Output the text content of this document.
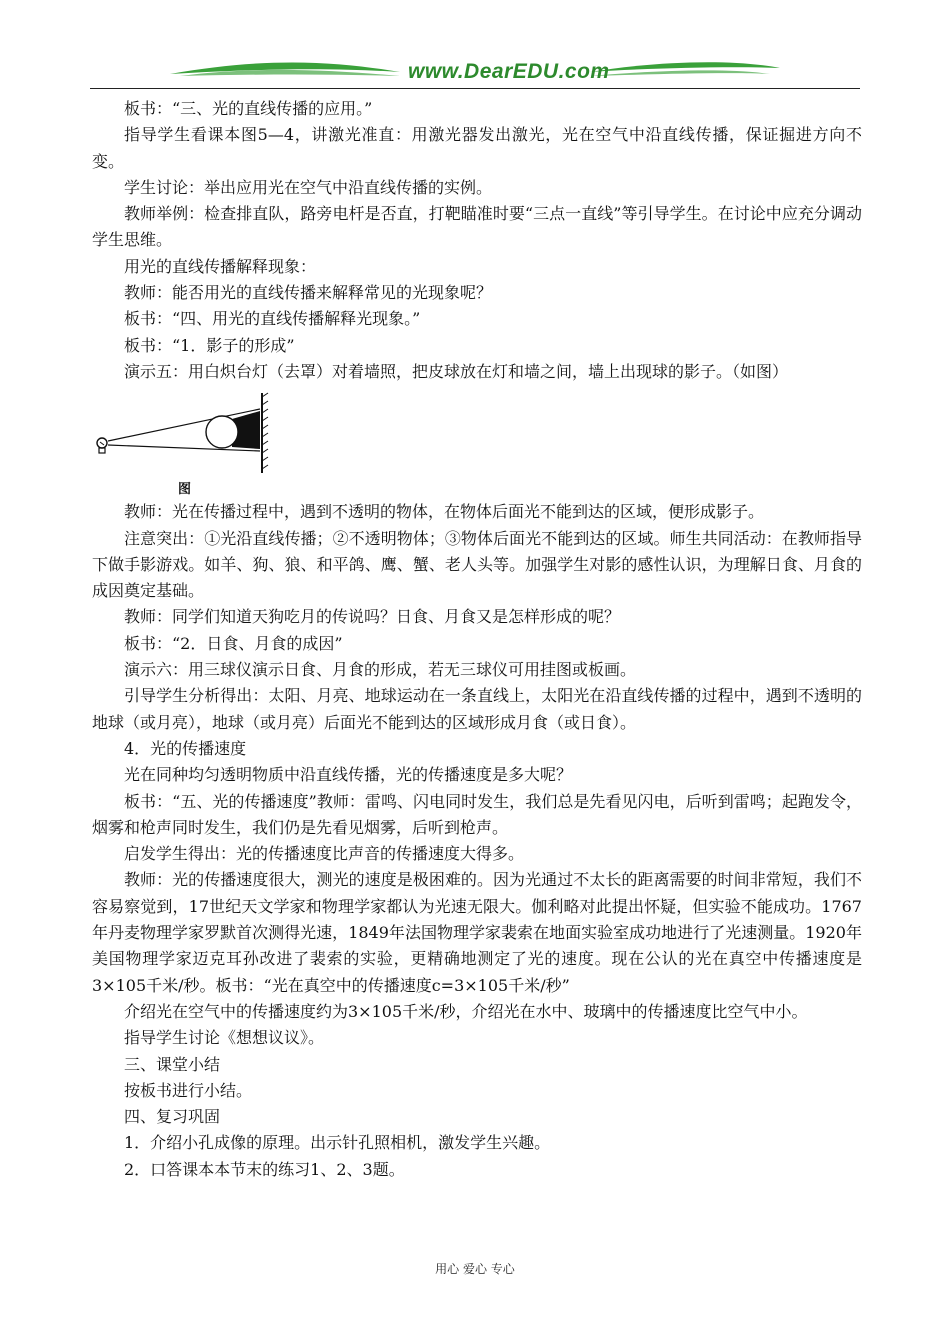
www.DearEDU.com

板书：“三、光的直线传播的应用。”

指导学生看课本图5—4，讲激光准直：用激光器发出激光，光在空气中沿直线传播，保证掘进方向不变。

学生讨论：举出应用光在空气中沿直线传播的实例。

教师举例：检查排直队，路旁电杆是否直，打靶瞄准时要“三点一直线”等引导学生。在讨论中应充分调动学生思维。

用光的直线传播解释现象：

教师：能否用光的直线传播来解释常见的光现象呢？

板书：“四、用光的直线传播解释光现象。”

板书：“1．影子的形成”

演示五：用白炽台灯（去罩）对着墙照，把皮球放在灯和墙之间，墙上出现球的影子。（如图）

图

教师：光在传播过程中，遇到不透明的物体，在物体后面光不能到达的区域，便形成影子。

注意突出：①光沿直线传播；②不透明物体；③物体后面光不能到达的区域。师生共同活动：在教师指导下做手影游戏。如羊、狗、狼、和平鸽、鹰、蟹、老人头等。加强学生对影的感性认识，为理解日食、月食的成因奠定基础。

教师：同学们知道天狗吃月的传说吗？日食、月食又是怎样形成的呢？

板书：“2．日食、月食的成因”

演示六：用三球仪演示日食、月食的形成，若无三球仪可用挂图或板画。

引导学生分析得出：太阳、月亮、地球运动在一条直线上，太阳光在沿直线传播的过程中，遇到不透明的地球（或月亮），地球（或月亮）后面光不能到达的区域形成月食（或日食）。

4．光的传播速度

光在同种均匀透明物质中沿直线传播，光的传播速度是多大呢？

板书：“五、光的传播速度”教师：雷鸣、闪电同时发生，我们总是先看见闪电，后听到雷鸣；起跑发令，烟雾和枪声同时发生，我们仍是先看见烟雾，后听到枪声。

启发学生得出：光的传播速度比声音的传播速度大得多。

教师：光的传播速度很大，测光的速度是极困难的。因为光通过不太长的距离需要的时间非常短，我们不容易察觉到，17世纪天文学家和物理学家都认为光速无限大。伽利略对此提出怀疑，但实验不能成功。1767年丹麦物理学家罗默首次测得光速，1849年法国物理学家裴索在地面实验室成功地进行了光速测量。1920年美国物理学家迈克耳孙改进了裴索的实验，更精确地测定了光的速度。现在公认的光在真空中传播速度是3×105千米/秒。板书：“光在真空中的传播速度c=3×105千米/秒”

介绍光在空气中的传播速度约为3×105千米/秒，介绍光在水中、玻璃中的传播速度比空气中小。

指导学生讨论《想想议议》。

三、课堂小结

按板书进行小结。

四、复习巩固

1．介绍小孔成像的原理。出示针孔照相机，激发学生兴趣。

2．口答课本本节末的练习1、2、3题。

用心 爱心 专心
